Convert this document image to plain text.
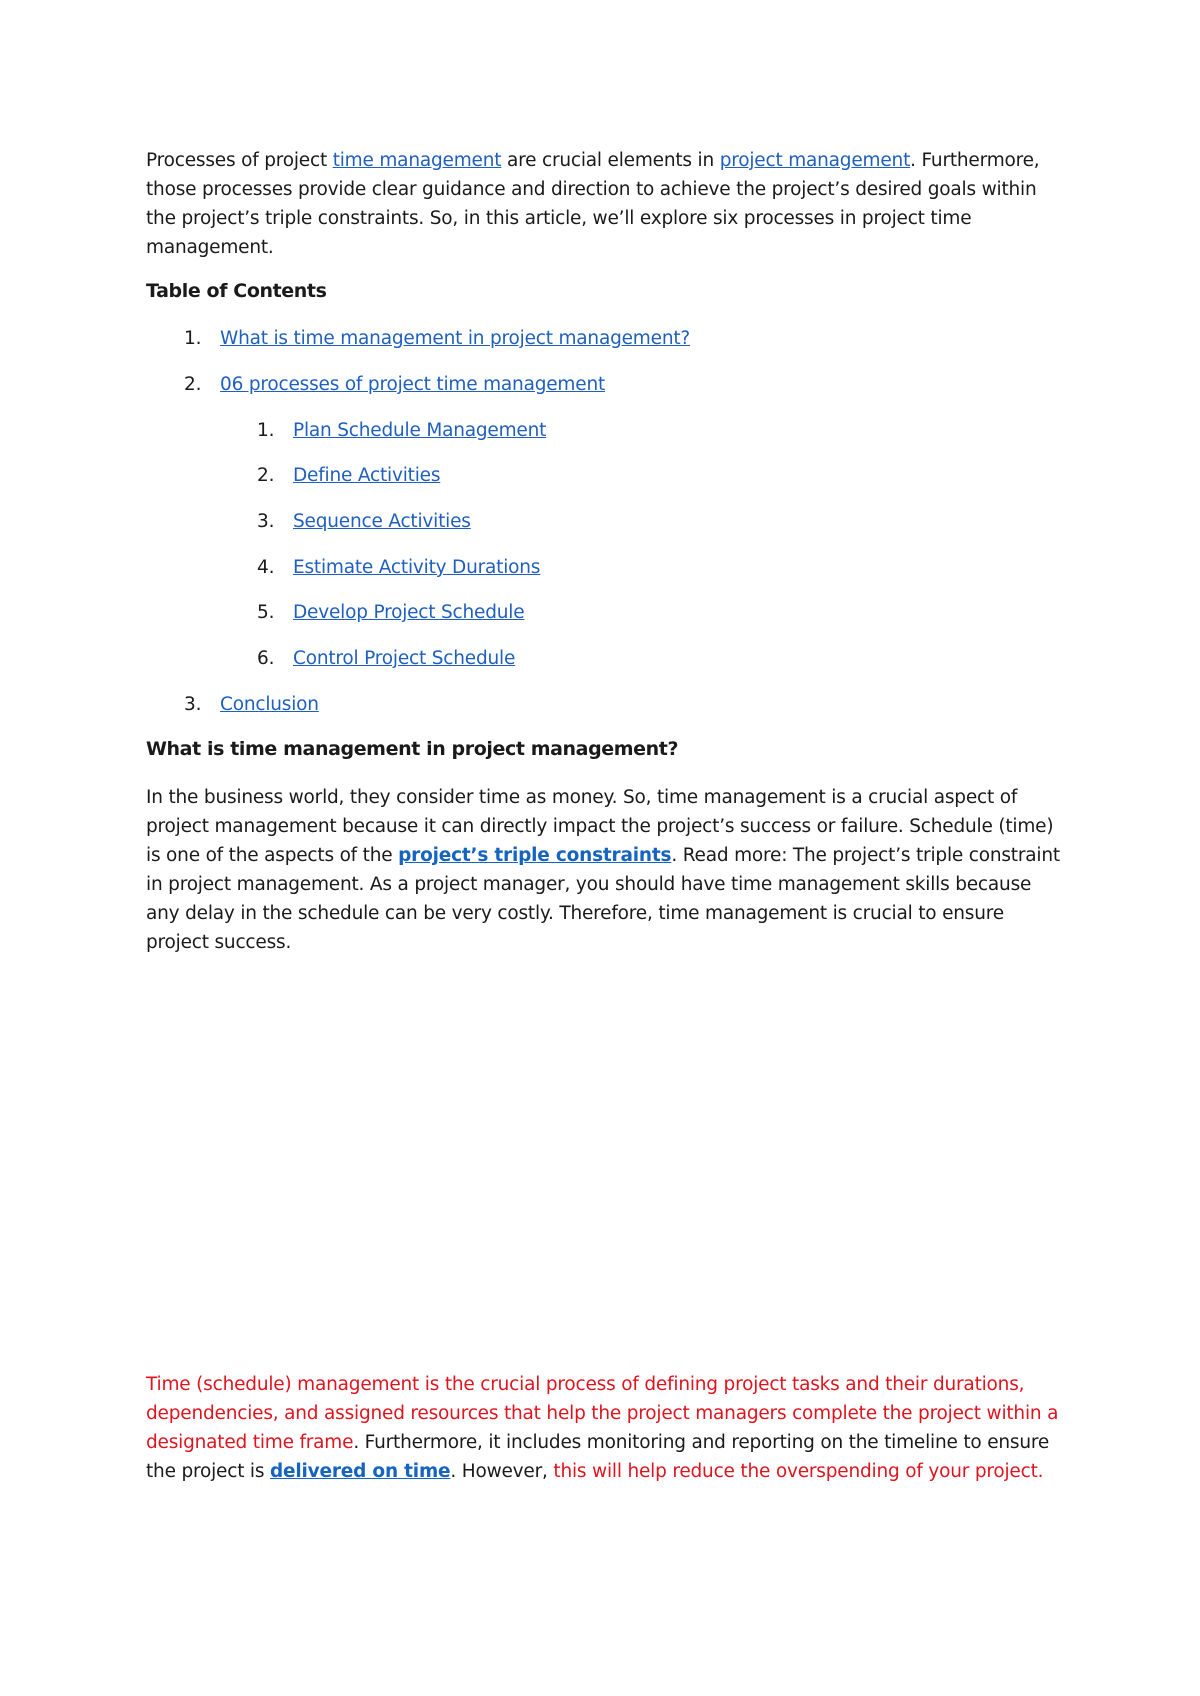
Processes of project time management are crucial elements in project management. Furthermore, those processes provide clear guidance and direction to achieve the project’s desired goals within the project’s triple constraints. So, in this article, we’ll explore six processes in project time management.

Table of Contents
1. What is time management in project management?
2. 06 processes of project time management
1. Plan Schedule Management
2. Define Activities
3. Sequence Activities
4. Estimate Activity Durations
5. Develop Project Schedule
6. Control Project Schedule
3. Conclusion
What is time management in project management?

In the business world, they consider time as money. So, time management is a crucial aspect of project management because it can directly impact the project’s success or failure. Schedule (time) is one of the aspects of the project’s triple constraints. Read more: The project’s triple constraint in project management. As a project manager, you should have time management skills because any delay in the schedule can be very costly. Therefore, time management is crucial to ensure project success.

Time (schedule) management is the crucial process of defining project tasks and their durations, dependencies, and assigned resources that help the project managers complete the project within a designated time frame. Furthermore, it includes monitoring and reporting on the timeline to ensure the project is delivered on time. However, this will help reduce the overspending of your project.
